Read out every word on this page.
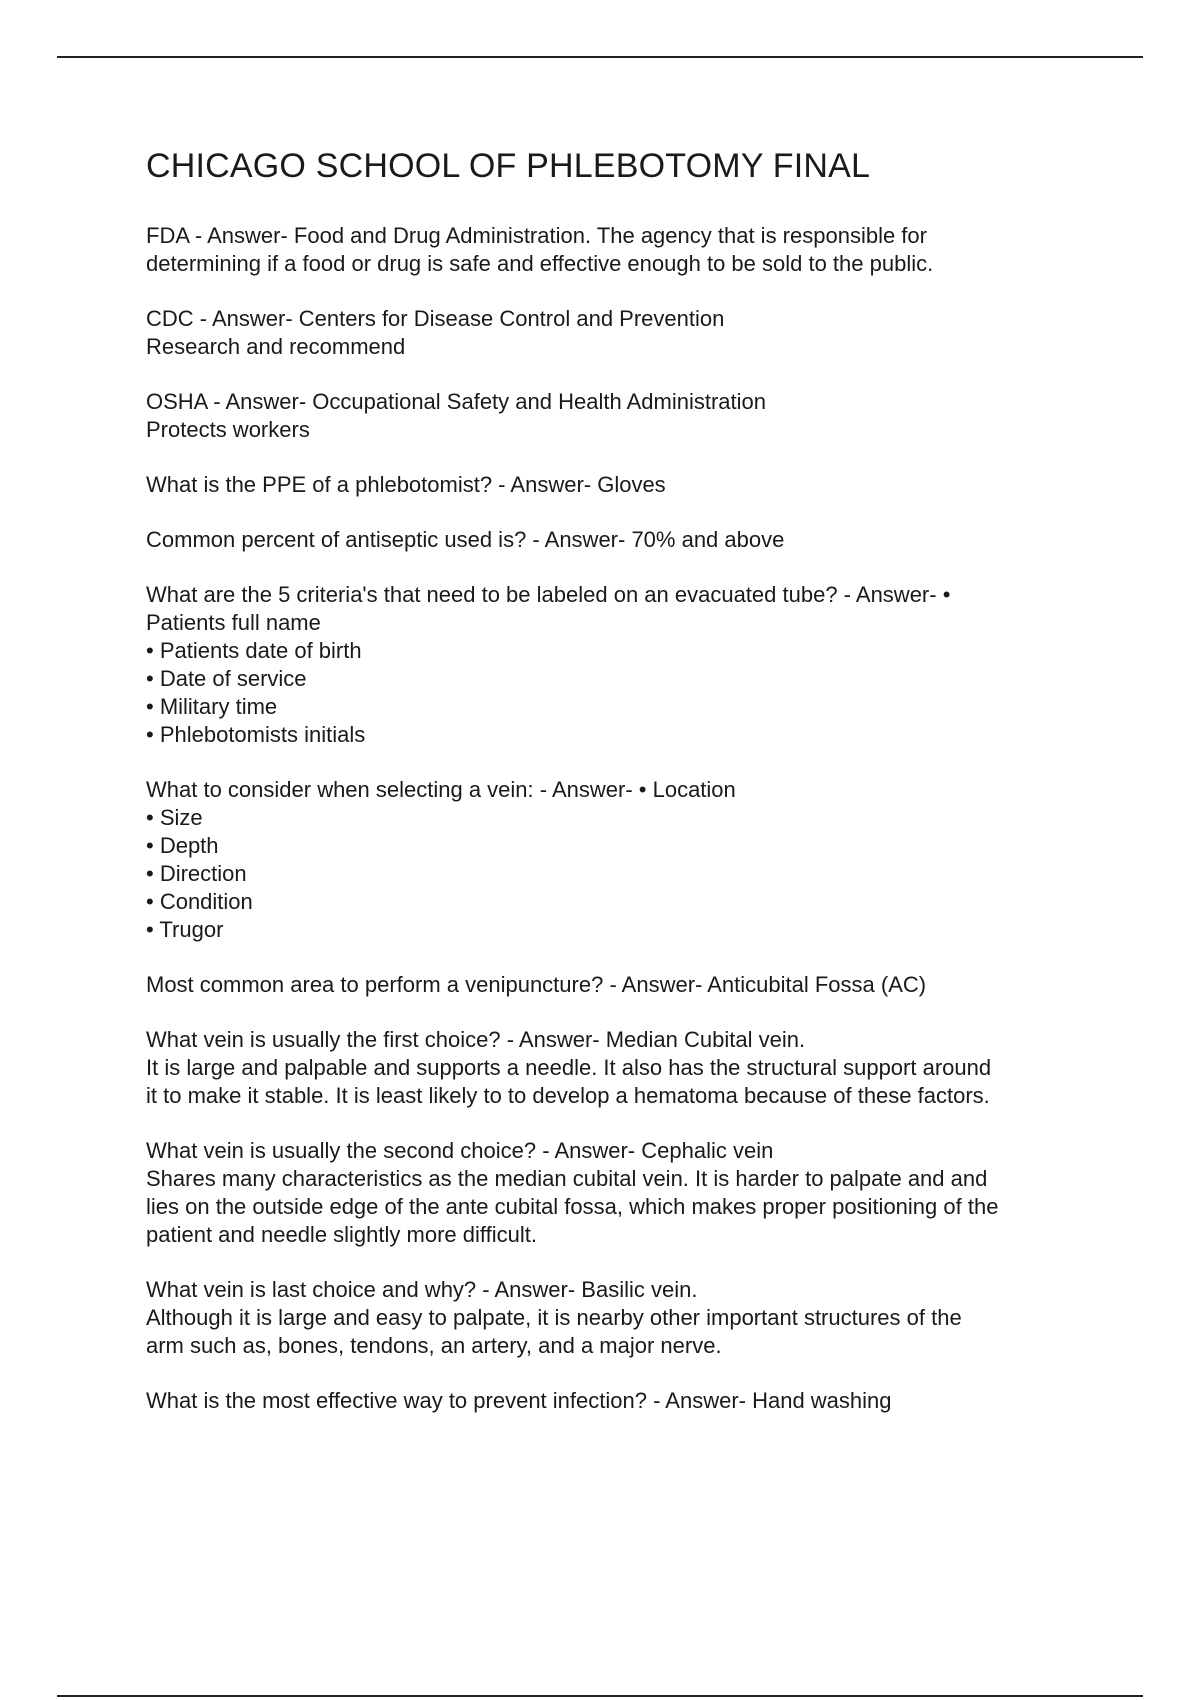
CHICAGO SCHOOL OF PHLEBOTOMY FINAL

FDA - Answer- Food and Drug Administration. The agency that is responsible for
determining if a food or drug is safe and effective enough to be sold to the public.

CDC - Answer- Centers for Disease Control and Prevention
Research and recommend

OSHA - Answer- Occupational Safety and Health Administration
Protects workers

What is the PPE of a phlebotomist? - Answer- Gloves

Common percent of antiseptic used is? - Answer- 70% and above

What are the 5 criteria's that need to be labeled on an evacuated tube? - Answer- •
Patients full name
• Patients date of birth
• Date of service
• Military time
• Phlebotomists initials

What to consider when selecting a vein: - Answer- • Location
• Size
• Depth
• Direction
• Condition
• Trugor

Most common area to perform a venipuncture? - Answer- Anticubital Fossa (AC)

What vein is usually the first choice? - Answer- Median Cubital vein.
It is large and palpable and supports a needle. It also has the structural support around
it to make it stable. It is least likely to to develop a hematoma because of these factors.

What vein is usually the second choice? - Answer- Cephalic vein
Shares many characteristics as the median cubital vein. It is harder to palpate and and
lies on the outside edge of the ante cubital fossa, which makes proper positioning of the
patient and needle slightly more difficult.

What vein is last choice and why? - Answer- Basilic vein.
Although it is large and easy to palpate, it is nearby other important structures of the
arm such as, bones, tendons, an artery, and a major nerve.

What is the most effective way to prevent infection? - Answer- Hand washing
